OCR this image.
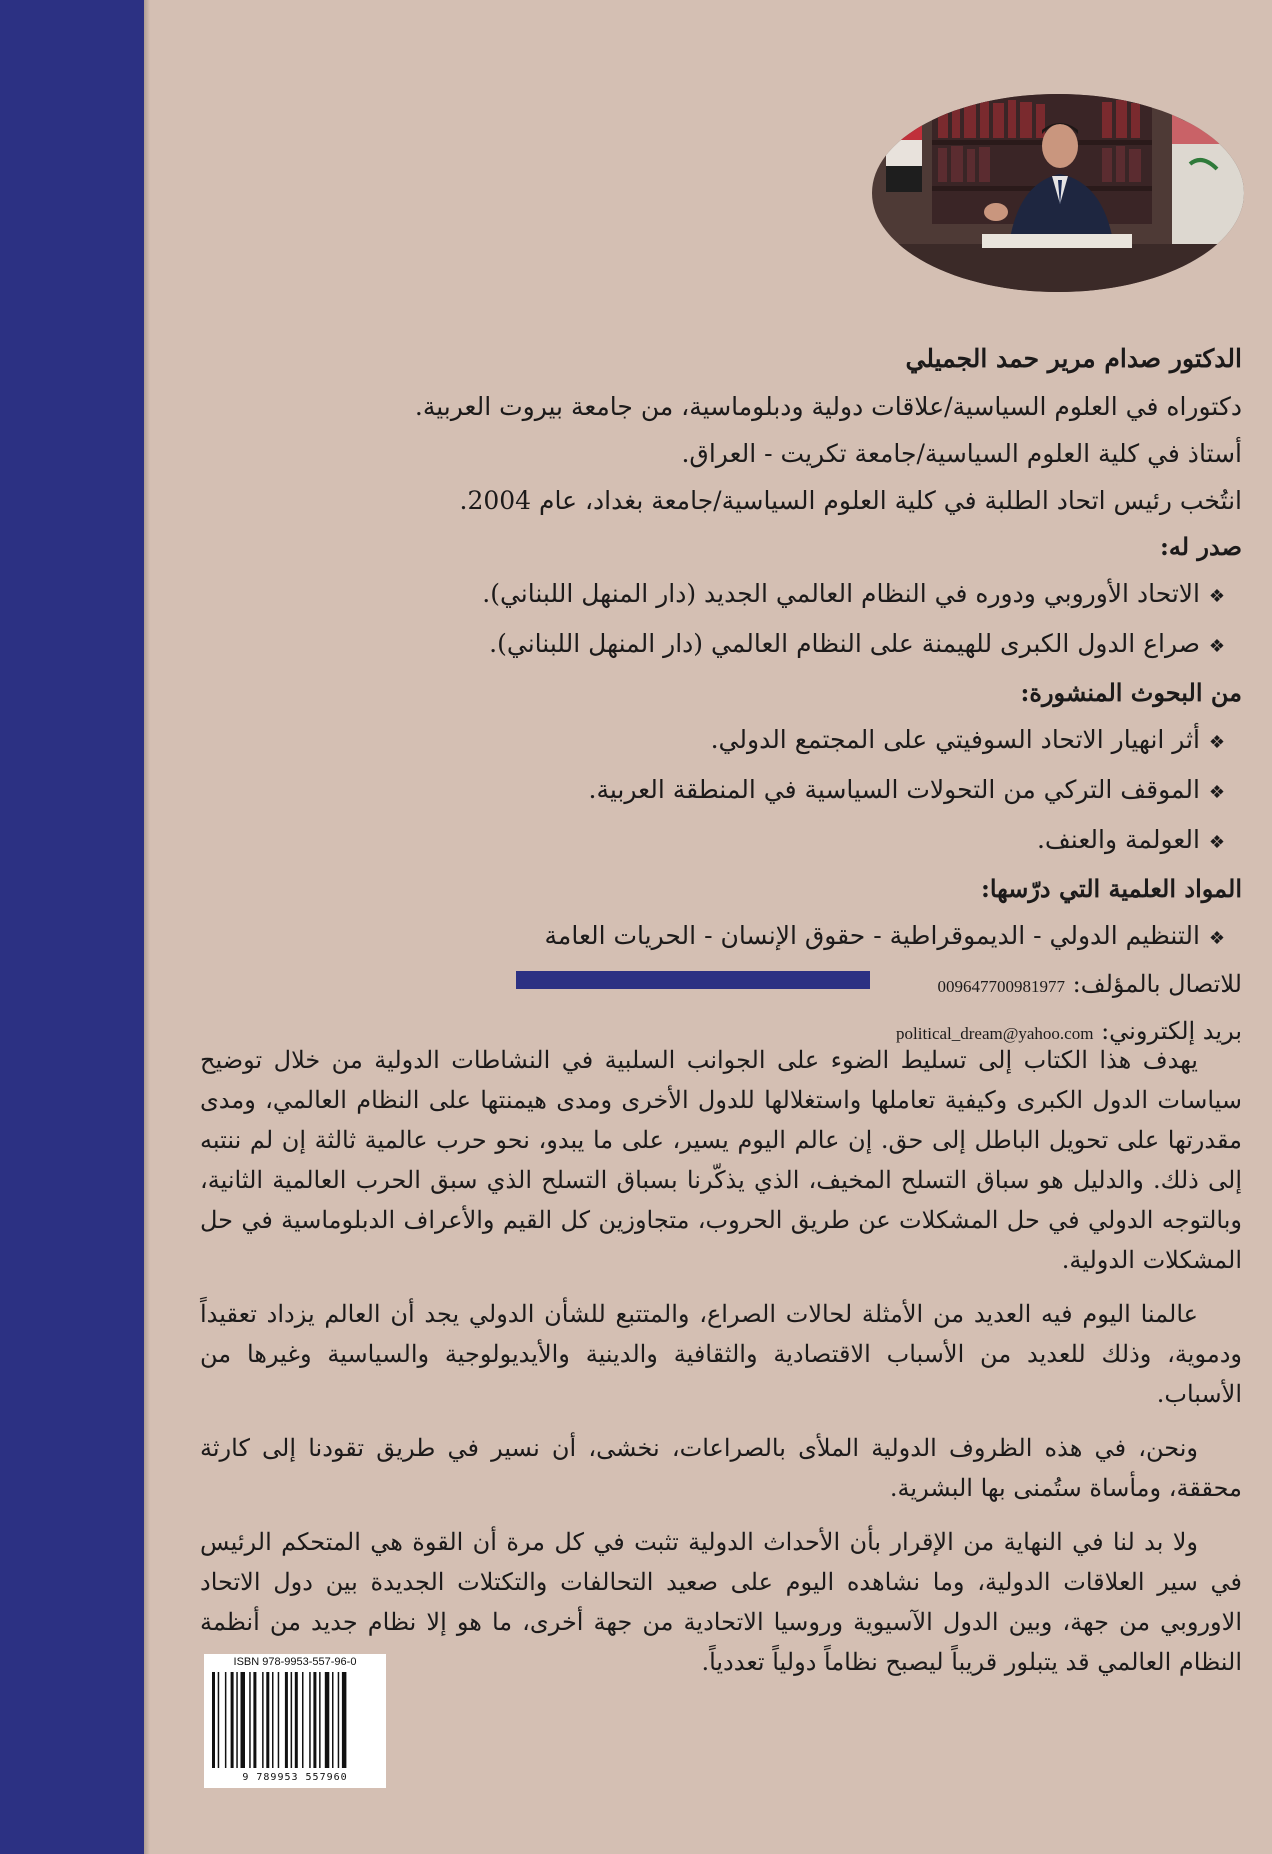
الدكتور صدام مرير حمد الجميلي
دكتوراه في العلوم السياسية/علاقات دولية ودبلوماسية، من جامعة بيروت العربية.
أستاذ في كلية العلوم السياسية/جامعة تكريت - العراق.
انتُخب رئيس اتحاد الطلبة في كلية العلوم السياسية/جامعة بغداد، عام 2004.
صدر له:
❖الاتحاد الأوروبي ودوره في النظام العالمي الجديد (دار المنهل اللبناني).
❖صراع الدول الكبرى للهيمنة على النظام العالمي (دار المنهل اللبناني).
من البحوث المنشورة:
❖أثر انهيار الاتحاد السوفيتي على المجتمع الدولي.
❖الموقف التركي من التحولات السياسية في المنطقة العربية.
❖العولمة والعنف.
المواد العلمية التي درّسها:
❖التنظيم الدولي - الديموقراطية - حقوق الإنسان - الحريات العامة
للاتصال بالمؤلف: 009647700981977
بريد إلكتروني: political_dream@yahoo.com

يهدف هذا الكتاب إلى تسليط الضوء على الجوانب السلبية في النشاطات الدولية من خلال توضيح سياسات الدول الكبرى وكيفية تعاملها واستغلالها للدول الأخرى ومدى هيمنتها على النظام العالمي، ومدى مقدرتها على تحويل الباطل إلى حق. إن عالم اليوم يسير، على ما يبدو، نحو حرب عالمية ثالثة إن لم ننتبه إلى ذلك. والدليل هو سباق التسلح المخيف، الذي يذكّرنا بسباق التسلح الذي سبق الحرب العالمية الثانية، وبالتوجه الدولي في حل المشكلات عن طريق الحروب، متجاوزين كل القيم والأعراف الدبلوماسية في حل المشكلات الدولية.

عالمنا اليوم فيه العديد من الأمثلة لحالات الصراع، والمتتبع للشأن الدولي يجد أن العالم يزداد تعقيداً ودموية، وذلك للعديد من الأسباب الاقتصادية والثقافية والدينية والأيديولوجية والسياسية وغيرها من الأسباب.

ونحن، في هذه الظروف الدولية الملأى بالصراعات، نخشى، أن نسير في طريق تقودنا إلى كارثة محققة، ومأساة ستُمنى بها البشرية.

ولا بد لنا في النهاية من الإقرار بأن الأحداث الدولية تثبت في كل مرة أن القوة هي المتحكم الرئيس في سير العلاقات الدولية، وما نشاهده اليوم على صعيد التحالفات والتكتلات الجديدة بين دول الاتحاد الاوروبي من جهة، وبين الدول الآسيوية وروسيا الاتحادية من جهة أخرى، ما هو إلا نظام جديد من أنظمة النظام العالمي قد يتبلور قريباً ليصبح نظاماً دولياً تعددياً.

ISBN 978-9953-557-96-0
9 789953 557960
